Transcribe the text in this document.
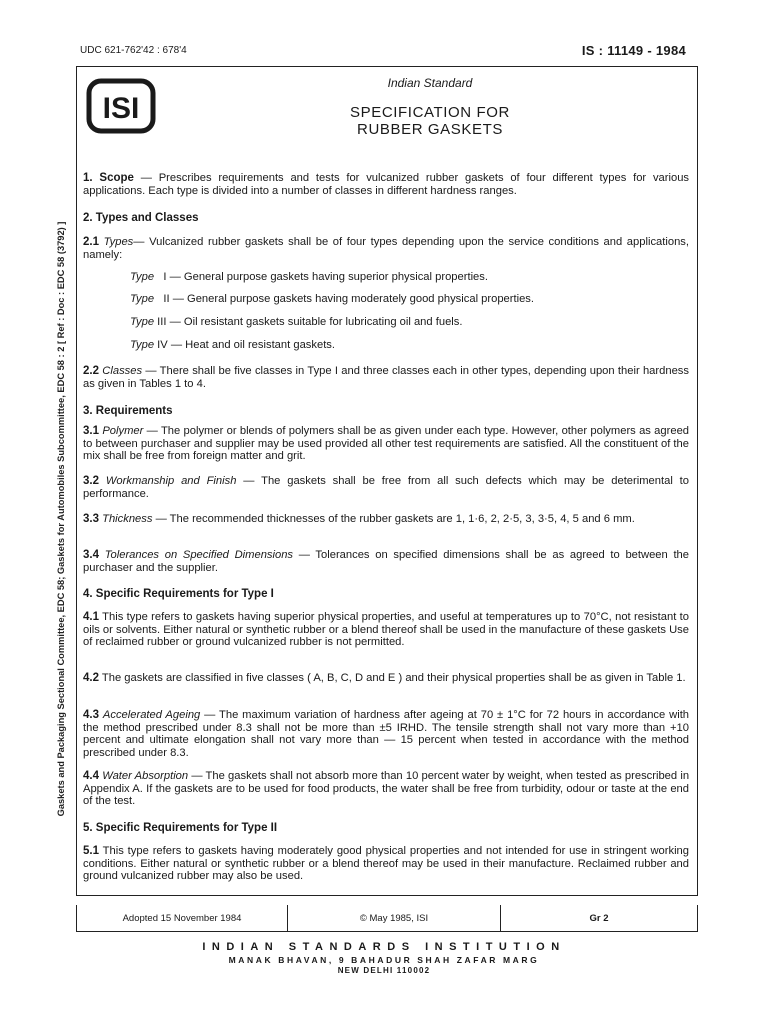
UDC 621-762'42 : 678'4	IS : 11149 - 1984
Gaskets and Packaging Sectional Committee, EDC 58; Gaskets for Automobiles Subcommittee, EDC 58 : 2 [ Ref : Doc : EDC 58 (3792) ]
ISI
Indian Standard
SPECIFICATION FOR
RUBBER GASKETS

1. Scope — Prescribes requirements and tests for vulcanized rubber gaskets of four different types for various applications. Each type is divided into a number of classes in different hardness ranges.

2. Types and Classes

2.1 Types— Vulcanized rubber gaskets shall be of four types depending upon the service conditions and applications, namely:

Type I — General purpose gaskets having superior physical properties.
Type II — General purpose gaskets having moderately good physical properties.
Type III — Oil resistant gaskets suitable for lubricating oil and fuels.
Type IV — Heat and oil resistant gaskets.

2.2 Classes — There shall be five classes in Type I and three classes each in other types, depending upon their hardness as given in Tables 1 to 4.

3. Requirements

3.1 Polymer — The polymer or blends of polymers shall be as given under each type. However, other polymers as agreed to between purchaser and supplier may be used provided all other test requirements are satisfied. All the constituent of the mix shall be free from foreign matter and grit.

3.2 Workmanship and Finish — The gaskets shall be free from all such defects which may be deterimental to performance.

3.3 Thickness — The recommended thicknesses of the rubber gaskets are 1, 1·6, 2, 2·5, 3, 3·5, 4, 5 and 6 mm.

3.4 Tolerances on Specified Dimensions — Tolerances on specified dimensions shall be as agreed to between the purchaser and the supplier.

4. Specific Requirements for Type I

4.1 This type refers to gaskets having superior physical properties, and useful at temperatures up to 70°C, not resistant to oils or solvents. Either natural or synthetic rubber or a blend thereof shall be used in the manufacture of these gaskets Use of reclaimed rubber or ground vulcanized rubber is not permitted.

4.2 The gaskets are classified in five classes ( A, B, C, D and E ) and their physical properties shall be as given in Table 1.

4.3 Accelerated Ageing — The maximum variation of hardness after ageing at 70 ± 1°C for 72 hours in accordance with the method prescribed under 8.3 shall not be more than ±5 IRHD. The tensile strength shall not vary more than +10 percent and ultimate elongation shall not vary more than — 15 percent when tested in accordance with the method prescribed under 8.3.

4.4 Water Absorption — The gaskets shall not absorb more than 10 percent water by weight, when tested as prescribed in Appendix A. If the gaskets are to be used for food products, the water shall be free from turbidity, odour or taste at the end of the test.

5. Specific Requirements for Type II

5.1 This type refers to gaskets having moderately good physical properties and not intended for use in stringent working conditions. Either natural or synthetic rubber or a blend thereof may be used in their manufacture. Reclaimed rubber and ground vulcanized rubber may also be used.

Adopted 15 November 1984	© May 1985, ISI	Gr 2
INDIAN STANDARDS INSTITUTION
MANAK BHAVAN, 9 BAHADUR SHAH ZAFAR MARG
NEW DELHI 110002
